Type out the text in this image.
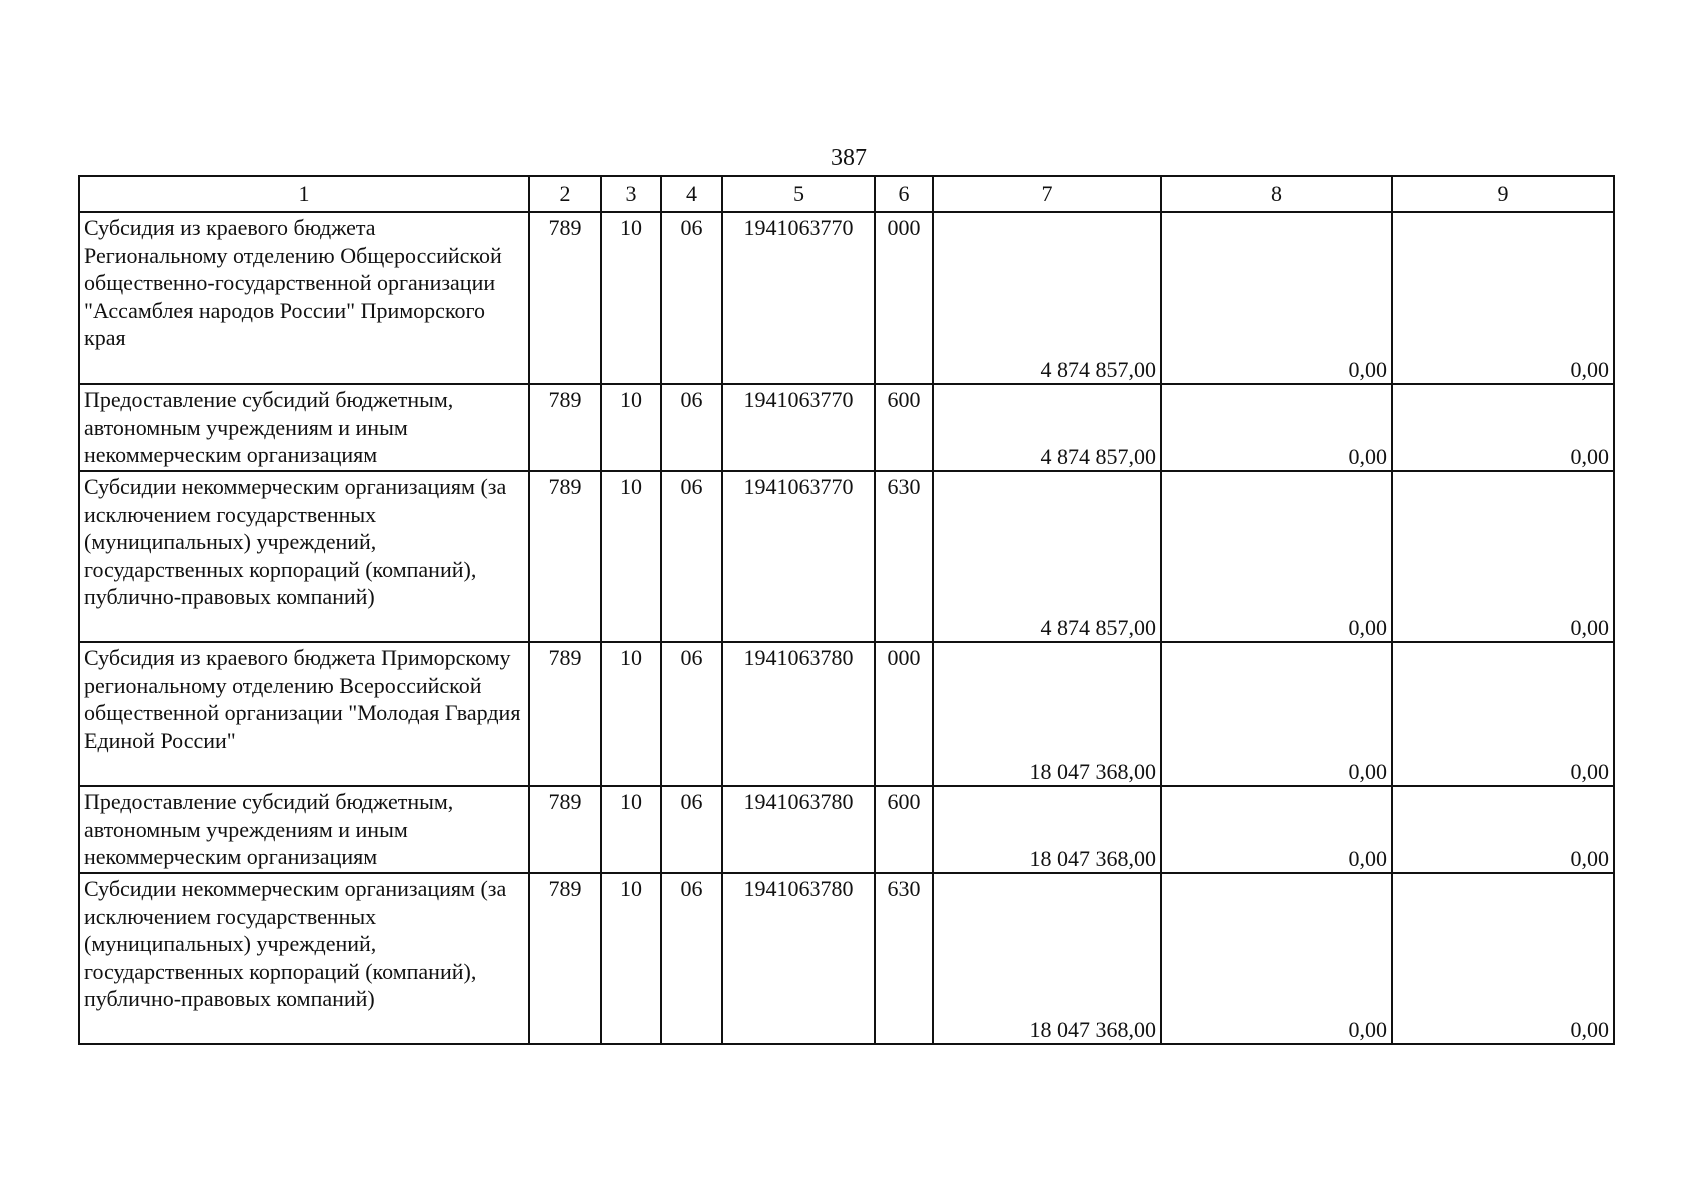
387
1	2	3	4	5	6	7	8	9
Субсидия из краевого бюджета Региональному отделению Общероссийской общественно-государственной организации "Ассамблея народов России" Приморского края	789	10	06	1941063770	000	4 874 857,00	0,00	0,00
Предоставление субсидий бюджетным, автономным учреждениям и иным некоммерческим организациям	789	10	06	1941063770	600	4 874 857,00	0,00	0,00
Субсидии некоммерческим организациям (за исключением государственных (муниципальных) учреждений, государственных корпораций (компаний), публично-правовых компаний)	789	10	06	1941063770	630	4 874 857,00	0,00	0,00
Субсидия из краевого бюджета Приморскому региональному отделению Всероссийской общественной организации "Молодая Гвардия Единой России"	789	10	06	1941063780	000	18 047 368,00	0,00	0,00
Предоставление субсидий бюджетным, автономным учреждениям и иным некоммерческим организациям	789	10	06	1941063780	600	18 047 368,00	0,00	0,00
Субсидии некоммерческим организациям (за исключением государственных (муниципальных) учреждений, государственных корпораций (компаний), публично-правовых компаний)	789	10	06	1941063780	630	18 047 368,00	0,00	0,00
